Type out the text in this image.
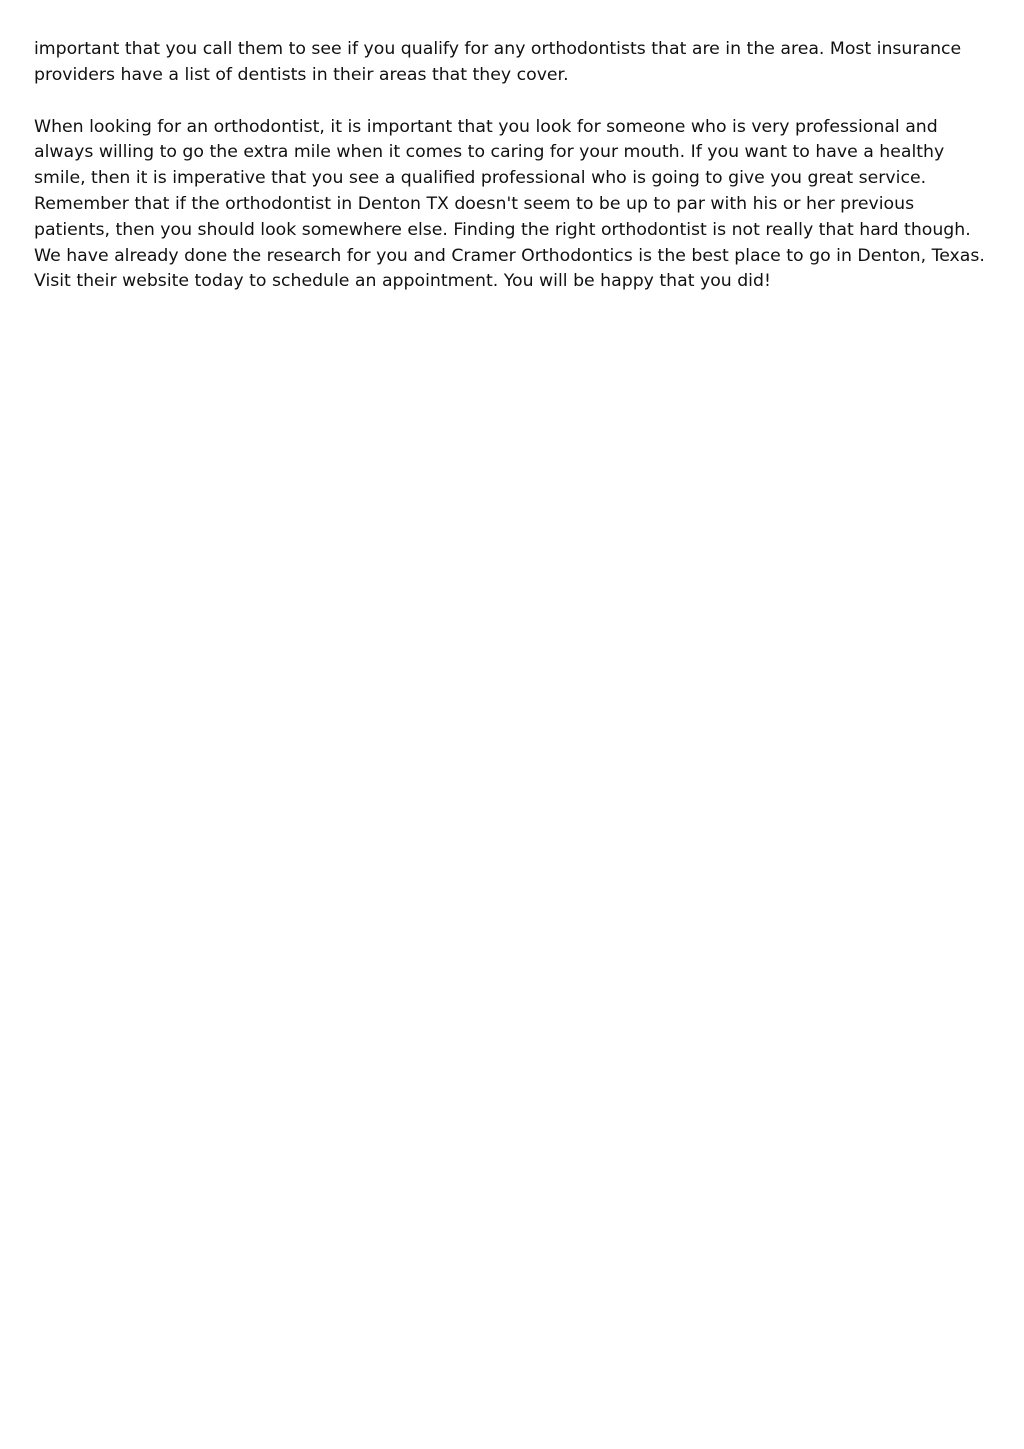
important that you call them to see if you qualify for any orthodontists that are in the area. Most insurance providers have a list of dentists in their areas that they cover.

When looking for an orthodontist, it is important that you look for someone who is very professional and always willing to go the extra mile when it comes to caring for your mouth. If you want to have a healthy smile, then it is imperative that you see a qualified professional who is going to give you great service. Remember that if the orthodontist in Denton TX doesn't seem to be up to par with his or her previous patients, then you should look somewhere else. Finding the right orthodontist is not really that hard though. We have already done the research for you and Cramer Orthodontics is the best place to go in Denton, Texas. Visit their website today to schedule an appointment. You will be happy that you did!
